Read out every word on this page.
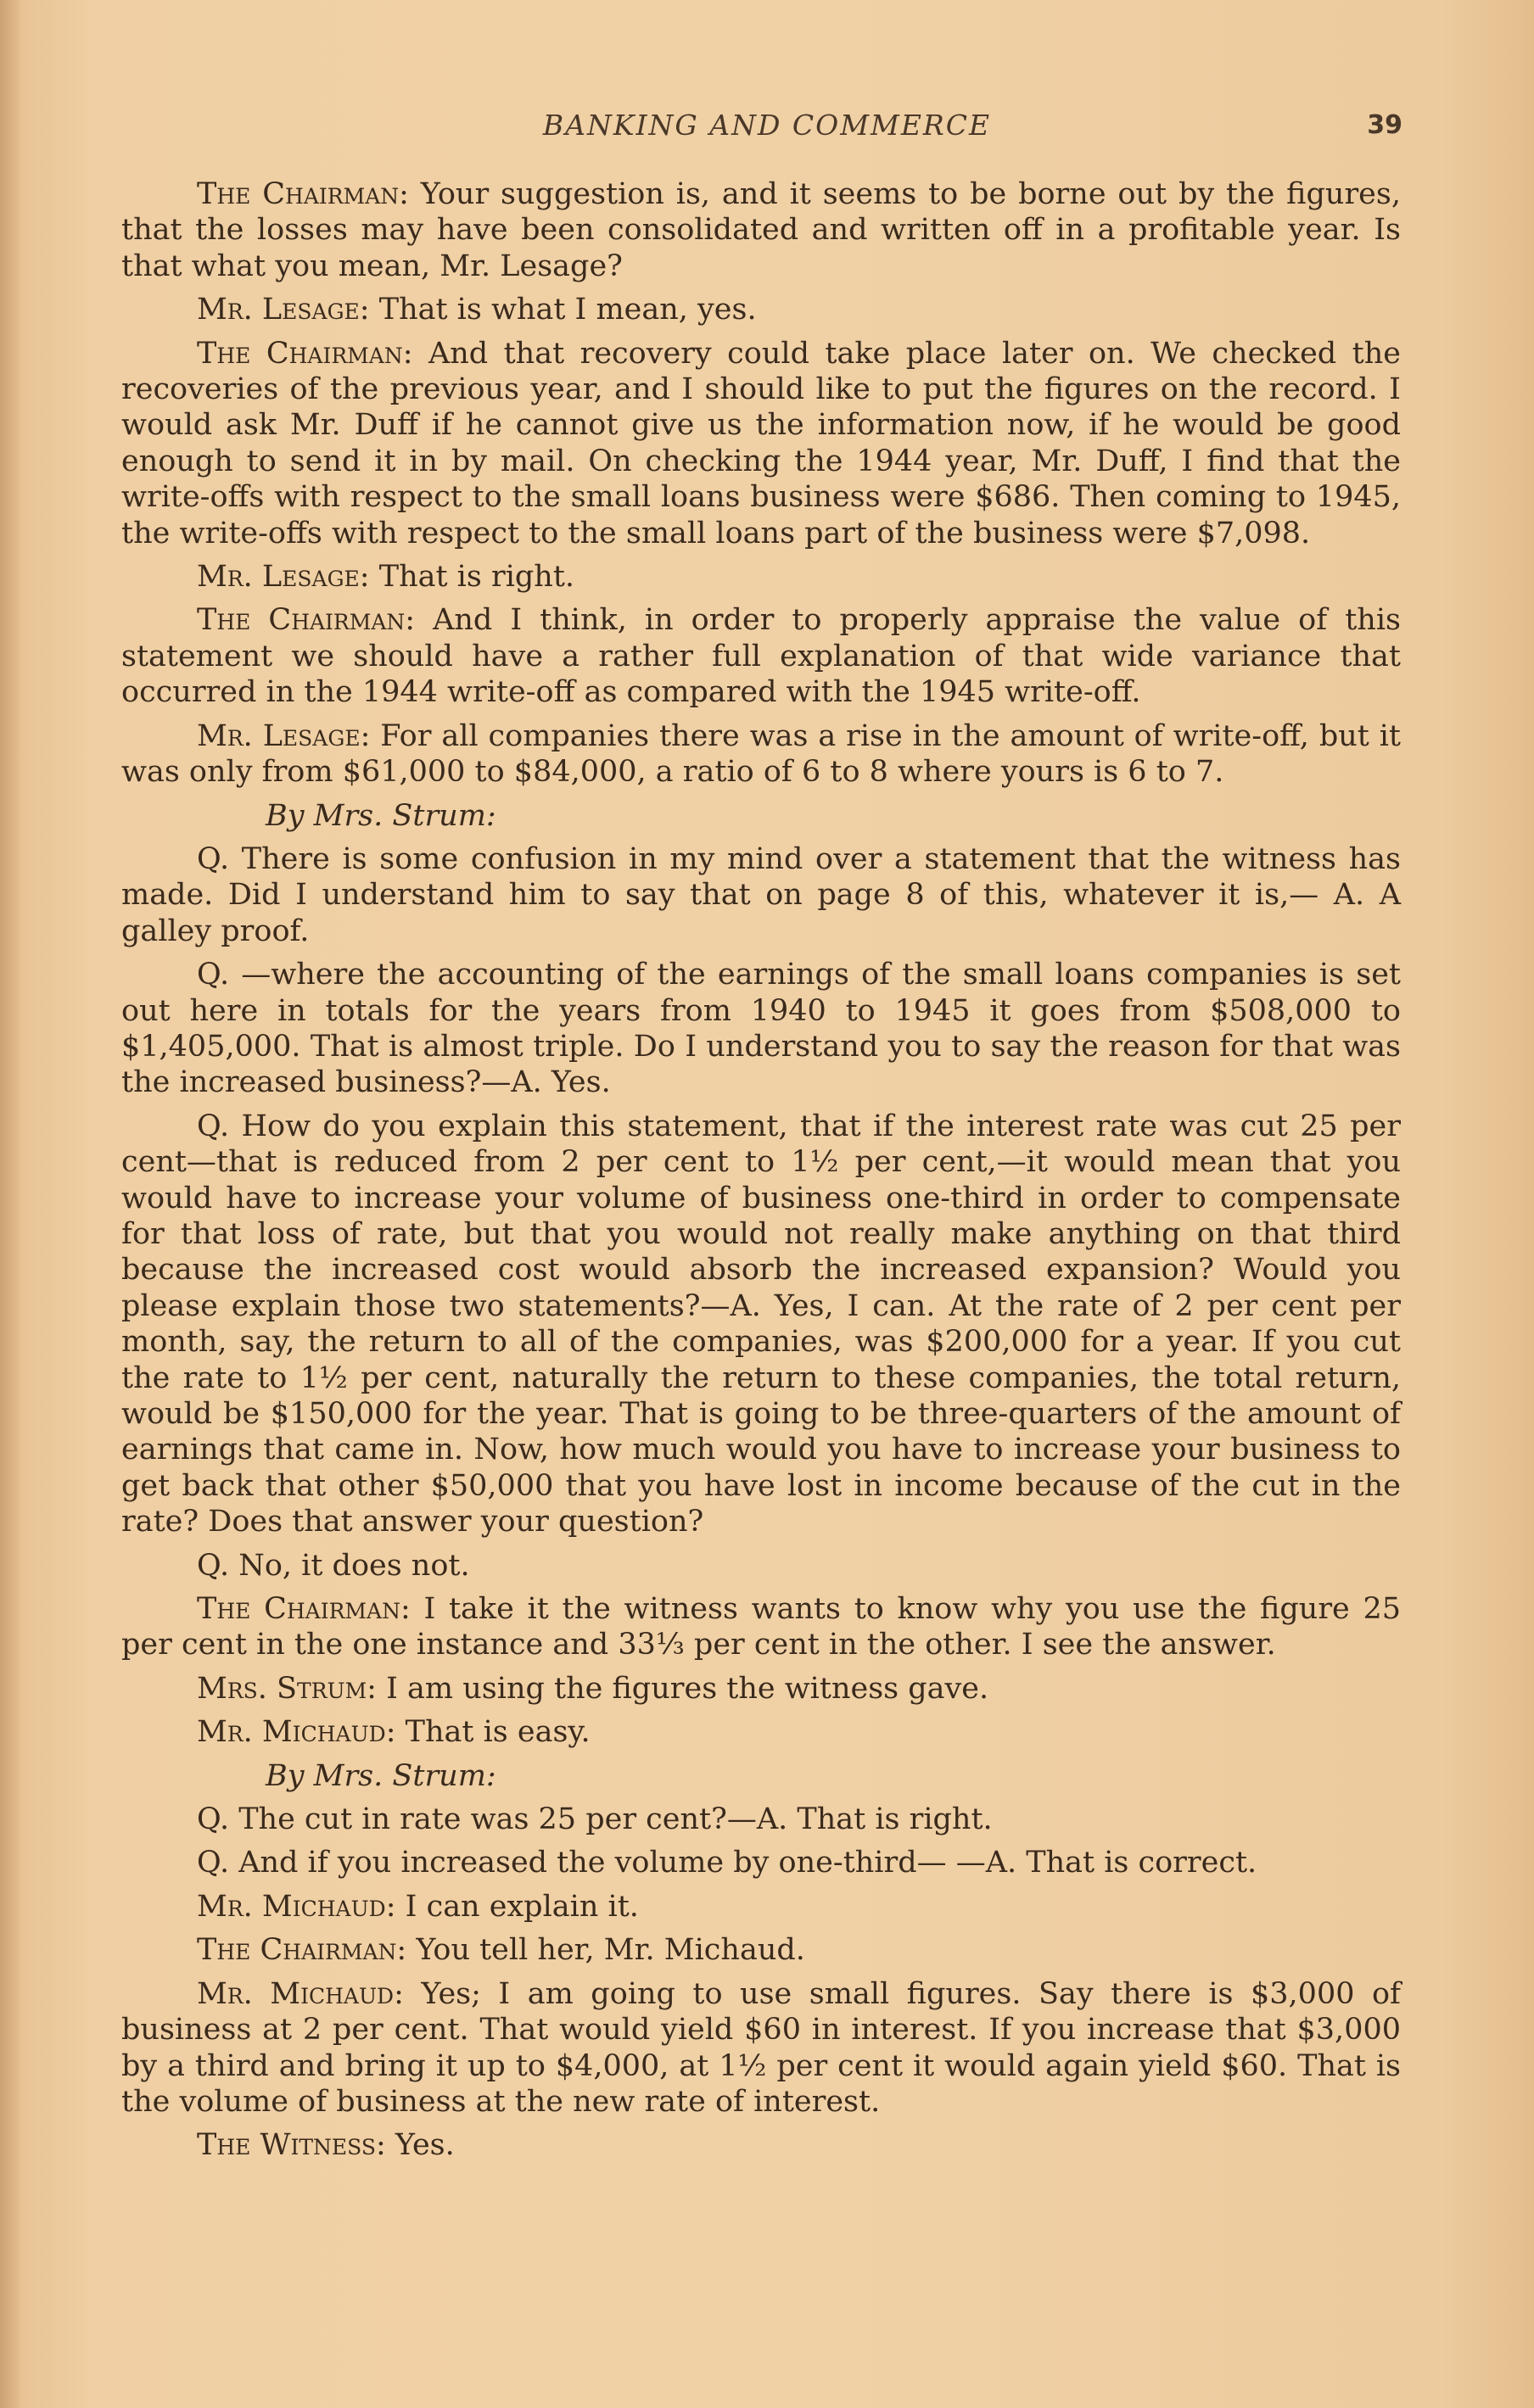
BANKING AND COMMERCE	39

The Chairman: Your suggestion is, and it seems to be borne out by the figures, that the losses may have been consolidated and written off in a profitable year. Is that what you mean, Mr. Lesage?

Mr. Lesage: That is what I mean, yes.

The Chairman: And that recovery could take place later on. We checked the recoveries of the previous year, and I should like to put the figures on the record. I would ask Mr. Duff if he cannot give us the information now, if he would be good enough to send it in by mail. On checking the 1944 year, Mr. Duff, I find that the write-offs with respect to the small loans business were $686. Then coming to 1945, the write-offs with respect to the small loans part of the business were $7,098.

Mr. Lesage: That is right.

The Chairman: And I think, in order to properly appraise the value of this statement we should have a rather full explanation of that wide variance that occurred in the 1944 write-off as compared with the 1945 write-off.

Mr. Lesage: For all companies there was a rise in the amount of write-off, but it was only from $61,000 to $84,000, a ratio of 6 to 8 where yours is 6 to 7.

By Mrs. Strum:

Q. There is some confusion in my mind over a statement that the witness has made. Did I understand him to say that on page 8 of this, whatever it is,— A. A galley proof.

Q. —where the accounting of the earnings of the small loans companies is set out here in totals for the years from 1940 to 1945 it goes from $508,000 to $1,405,000. That is almost triple. Do I understand you to say the reason for that was the increased business?—A. Yes.

Q. How do you explain this statement, that if the interest rate was cut 25 per cent—that is reduced from 2 per cent to 1½ per cent,—it would mean that you would have to increase your volume of business one-third in order to compensate for that loss of rate, but that you would not really make anything on that third because the increased cost would absorb the increased expansion? Would you please explain those two statements?—A. Yes, I can. At the rate of 2 per cent per month, say, the return to all of the companies, was $200,000 for a year. If you cut the rate to 1½ per cent, naturally the return to these companies, the total return, would be $150,000 for the year. That is going to be three-quarters of the amount of earnings that came in. Now, how much would you have to increase your business to get back that other $50,000 that you have lost in income because of the cut in the rate? Does that answer your question?

Q. No, it does not.

The Chairman: I take it the witness wants to know why you use the figure 25 per cent in the one instance and 33⅓ per cent in the other. I see the answer.

Mrs. Strum: I am using the figures the witness gave.

Mr. Michaud: That is easy.

By Mrs. Strum:

Q. The cut in rate was 25 per cent?—A. That is right.

Q. And if you increased the volume by one-third— —A. That is correct.

Mr. Michaud: I can explain it.

The Chairman: You tell her, Mr. Michaud.

Mr. Michaud: Yes; I am going to use small figures. Say there is $3,000 of business at 2 per cent. That would yield $60 in interest. If you increase that $3,000 by a third and bring it up to $4,000, at 1½ per cent it would again yield $60. That is the volume of business at the new rate of interest.

The Witness: Yes.
